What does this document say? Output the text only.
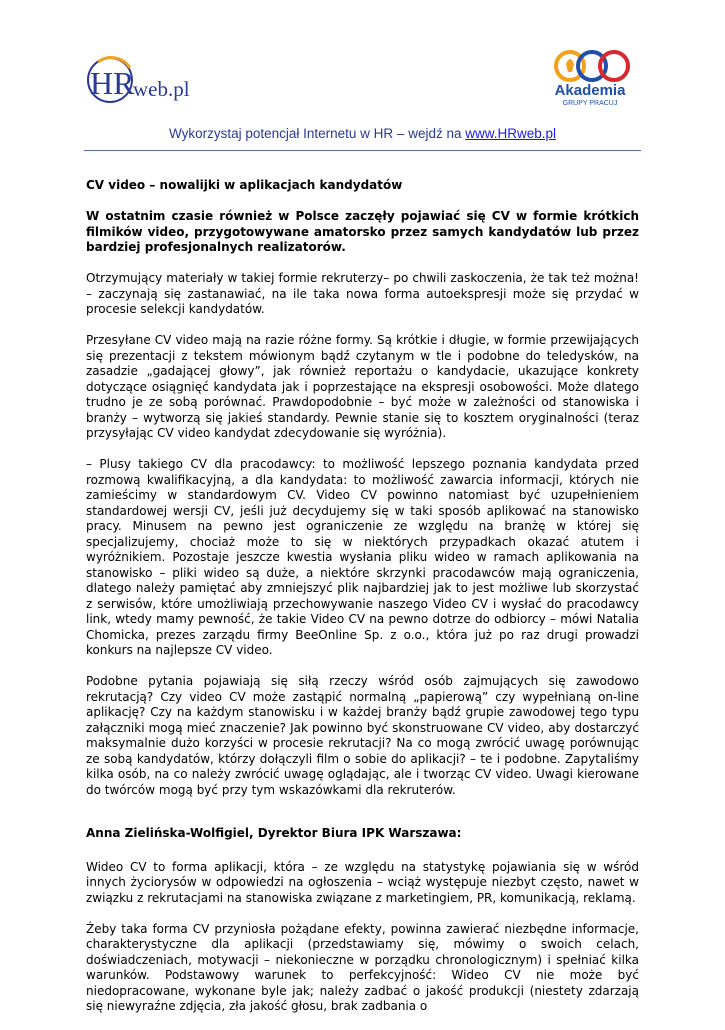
HR
web.pl	Akademia
GRUPY PRACUJ
Wykorzystaj potencjał Internetu w HR – wejdź na www.HRweb.pl

CV video – nowalijki w aplikacjach kandydatów

W ostatnim czasie również w Polsce zaczęły pojawiać się CV w formie krótkich filmików video, przygotowywane amatorsko przez samych kandydatów lub przez bardziej profesjonalnych realizatorów.

Otrzymujący materiały w takiej formie rekruterzy– po chwili zaskoczenia, że tak też można! – zaczynają się zastanawiać, na ile taka nowa forma autoekspresji może się przydać w procesie selekcji kandydatów.

Przesyłane CV video mają na razie różne formy. Są krótkie i długie, w formie przewijających się prezentacji z tekstem mówionym bądź czytanym w tle i podobne do teledysków, na zasadzie „gadającej głowy”, jak również reportażu o kandydacie, ukazujące konkrety dotyczące osiągnięć kandydata jak i poprzestające na ekspresji osobowości. Może dlatego trudno je ze sobą porównać. Prawdopodobnie – być może w zależności od stanowiska i branży – wytworzą się jakieś standardy. Pewnie stanie się to kosztem oryginalności (teraz przysyłając CV video kandydat zdecydowanie się wyróżnia).

– Plusy takiego CV dla pracodawcy: to możliwość lepszego poznania kandydata przed rozmową kwalifikacyjną, a dla kandydata: to możliwość zawarcia informacji, których nie zamieścimy w standardowym CV. Video CV powinno natomiast być uzupełnieniem standardowej wersji CV, jeśli już decydujemy się w taki sposób aplikować na stanowisko pracy. Minusem na pewno jest ograniczenie ze względu na branżę w której się specjalizujemy, chociaż może to się w niektórych przypadkach okazać atutem i wyróżnikiem. Pozostaje jeszcze kwestia wysłania pliku wideo w ramach aplikowania na stanowisko – pliki wideo są duże, a niektóre skrzynki pracodawców mają ograniczenia, dlatego należy pamiętać aby zmniejszyć plik najbardziej jak to jest możliwe lub skorzystać z serwisów, które umożliwiają przechowywanie naszego Video CV i wysłać do pracodawcy link, wtedy mamy pewność, że takie Video CV na pewno dotrze do odbiorcy – mówi Natalia Chomicka, prezes zarządu firmy BeeOnline Sp. z o.o., która już po raz drugi prowadzi konkurs na najlepsze CV video.

Podobne pytania pojawiają się siłą rzeczy wśród osób zajmujących się zawodowo rekrutacją? Czy video CV może zastąpić normalną „papierową” czy wypełnianą on-line aplikację? Czy na każdym stanowisku i w każdej branży bądź grupie zawodowej tego typu załączniki mogą mieć znaczenie? Jak powinno być skonstruowane CV video, aby dostarczyć maksymalnie dużo korzyści w procesie rekrutacji? Na co mogą zwrócić uwagę porównując ze sobą kandydatów, którzy dołączyli film o sobie do aplikacji? – te i podobne. Zapytaliśmy kilka osób, na co należy zwrócić uwagę oglądając, ale i tworząc CV video. Uwagi kierowane do twórców mogą być przy tym wskazówkami dla rekruterów.

Anna Zielińska-Wolfigiel, Dyrektor Biura IPK Warszawa:

Wideo CV to forma aplikacji, która – ze względu na statystykę pojawiania się w wśród innych życiorysów w odpowiedzi na ogłoszenia – wciąż występuje niezbyt często, nawet w związku z rekrutacjami na stanowiska związane z marketingiem, PR, komunikacją, reklamą.

Żeby taka forma CV przyniosła pożądane efekty, powinna zawierać niezbędne informacje, charakterystyczne dla aplikacji (przedstawiamy się, mówimy o swoich celach, doświadczeniach, motywacji – niekonieczne w porządku chronologicznym) i spełniać kilka warunków. Podstawowy warunek to perfekcyjność: Wideo CV nie może być niedopracowane, wykonane byle jak; należy zadbać o jakość produkcji (niestety zdarzają się niewyraźne zdjęcia, zła jakość głosu, brak zadbania o
